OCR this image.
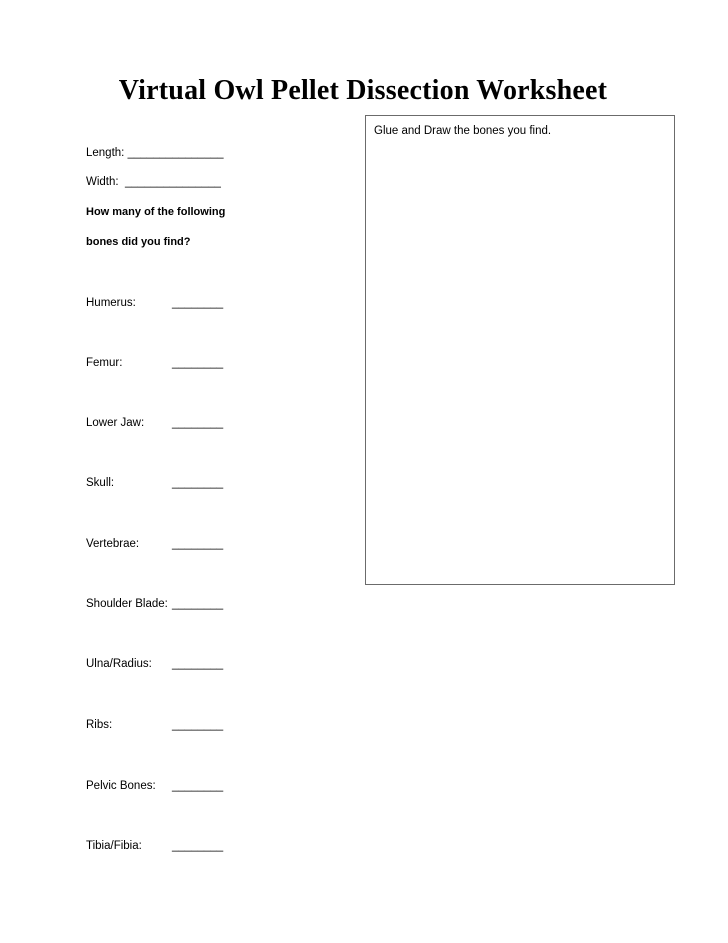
Virtual Owl Pellet Dissection Worksheet
Glue and Draw the bones you find.
Length: _______________
Width:  _______________
How many of the following
bones did you find?
Humerus:	________
Femur:	________
Lower Jaw: ________
Skull:	________
Vertebrae:	________
Shoulder Blade: ________
Ulna/Radius: ________
Ribs:	________
Pelvic Bones: ________
Tibia/Fibia:	________
